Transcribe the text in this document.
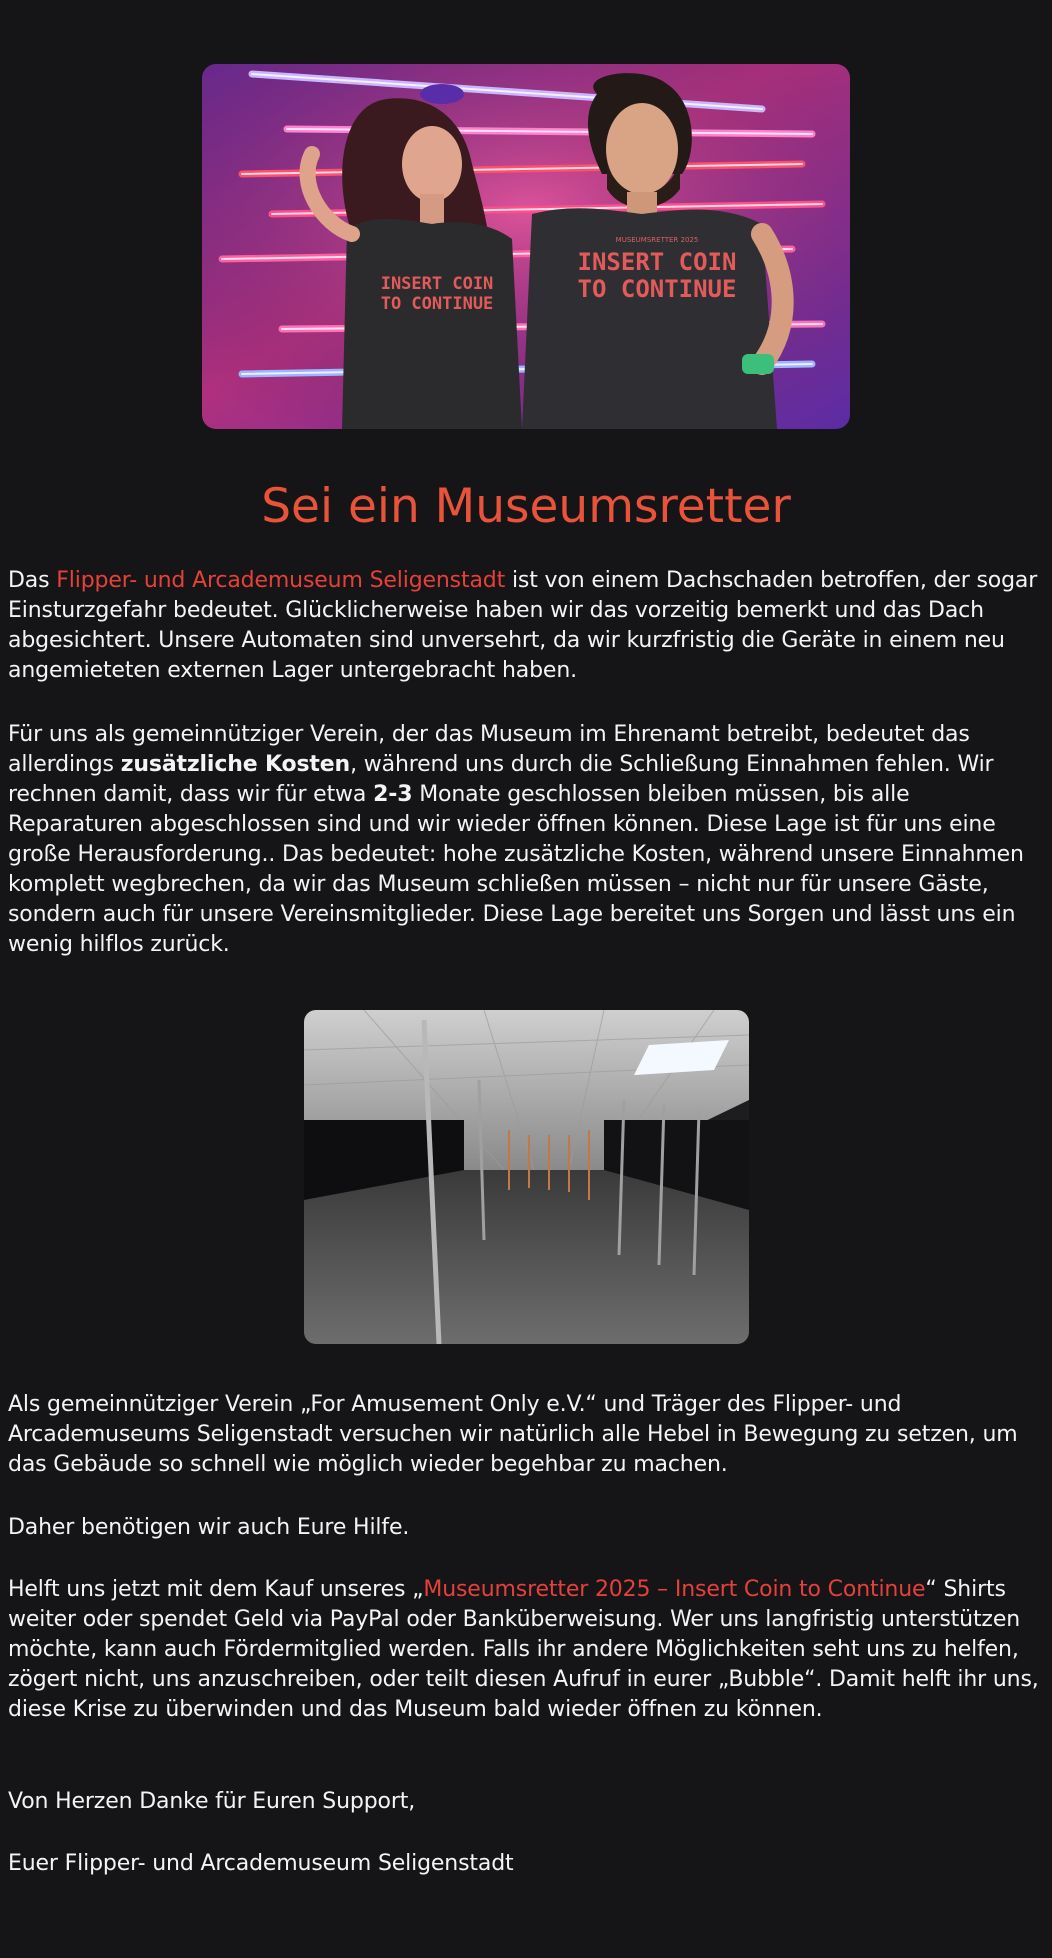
INSERT COIN
TO CONTINUE
MUSEUMSRETTER 2025
INSERT COIN
TO CONTINUE
Sei ein Museumsretter

Das Flipper- und Arcademuseum Seligenstadt ist von einem Dachschaden betroffen, der sogar Einsturzgefahr bedeutet. Glücklicherweise haben wir das vorzeitig bemerkt und das Dach abgesichtert. Unsere Automaten sind unversehrt, da wir kurzfristig die Geräte in einem neu angemieteten externen Lager untergebracht haben.

Für uns als gemeinnütziger Verein, der das Museum im Ehrenamt betreibt, bedeutet das allerdings zusätzliche Kosten, während uns durch die Schließung Einnahmen fehlen. Wir rechnen damit, dass wir für etwa 2-3 Monate geschlossen bleiben müssen, bis alle Reparaturen abgeschlossen sind und wir wieder öffnen können. Diese Lage ist für uns eine große Herausforderung.. Das bedeutet: hohe zusätzliche Kosten, während unsere Einnahmen komplett wegbrechen, da wir das Museum schließen müssen – nicht nur für unsere Gäste, sondern auch für unsere Vereinsmitglieder. Diese Lage bereitet uns Sorgen und lässt uns ein wenig hilflos zurück.

Als gemeinnütziger Verein „For Amusement Only e.V.“ und Träger des Flipper- und Arcademuseums Seligenstadt versuchen wir natürlich alle Hebel in Bewegung zu setzen, um das Gebäude so schnell wie möglich wieder begehbar zu machen.

Daher benötigen wir auch Eure Hilfe.

Helft uns jetzt mit dem Kauf unseres „Museumsretter 2025 – Insert Coin to Continue“ Shirts weiter oder spendet Geld via PayPal oder Banküberweisung. Wer uns langfristig unterstützen möchte, kann auch Fördermitglied werden. Falls ihr andere Möglichkeiten seht uns zu helfen, zögert nicht, uns anzuschreiben, oder teilt diesen Aufruf in eurer „Bubble“. Damit helft ihr uns, diese Krise zu überwinden und das Museum bald wieder öffnen zu können.

Von Herzen Danke für Euren Support,

Euer Flipper- und Arcademuseum Seligenstadt
